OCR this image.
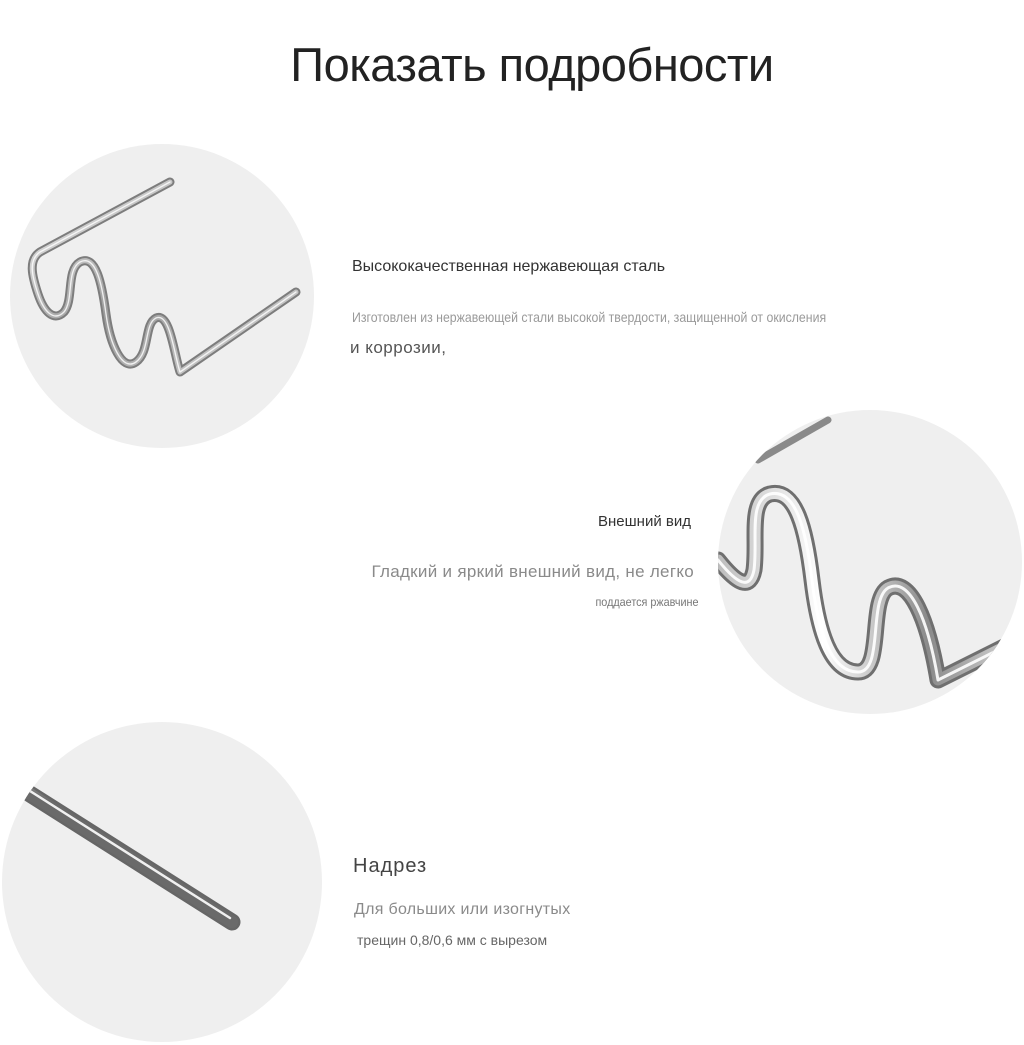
Показать подробности
Высококачественная нержавеющая сталь
Изготовлен из нержавеющей стали высокой твердости, защищенной от окисления
и коррозии,
Внешний вид
Гладкий и яркий внешний вид, не легко
поддается ржавчине
Надрез
Для больших или изогнутых
трещин 0,8/0,6 мм с вырезом
